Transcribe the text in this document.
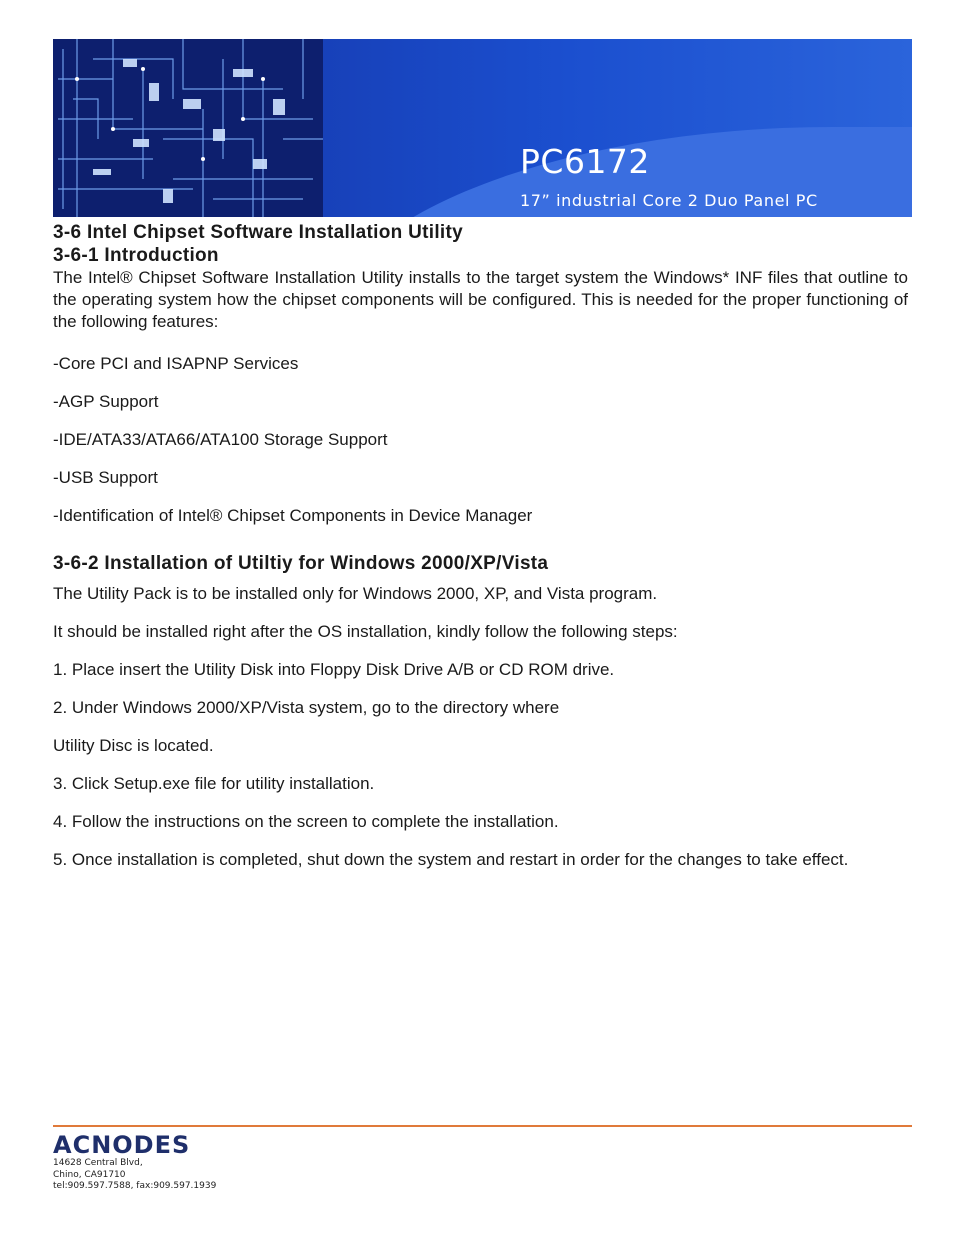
PC6172
17” industrial Core 2 Duo Panel PC
3-6 Intel Chipset Software Installation Utility
3-6-1 Introduction

The Intel® Chipset Software Installation Utility installs to the target system the Windows* INF files that outline to the operating system how the chipset components will be configured. This is needed for the proper functioning of the following features:

-Core PCI and ISAPNP Services

-AGP Support

-IDE/ATA33/ATA66/ATA100 Storage Support

-USB Support

-Identification of Intel® Chipset Components in Device Manager

3-6-2 Installation of Utiltiy for Windows 2000/XP/Vista

The Utility Pack is to be installed only for Windows 2000, XP, and Vista program.

It should be installed right after the OS installation, kindly follow the following steps:

1. Place insert the Utility Disk into Floppy Disk Drive A/B or CD ROM drive.

2. Under Windows 2000/XP/Vista system, go to the directory where

Utility Disc is located.

3. Click Setup.exe file for utility installation.

4. Follow the instructions on the screen to complete the installation.

5. Once installation is completed, shut down the system and restart in order for the changes to take effect.

ACNODES
14628 Central Blvd,
Chino, CA91710
tel:909.597.7588, fax:909.597.1939
